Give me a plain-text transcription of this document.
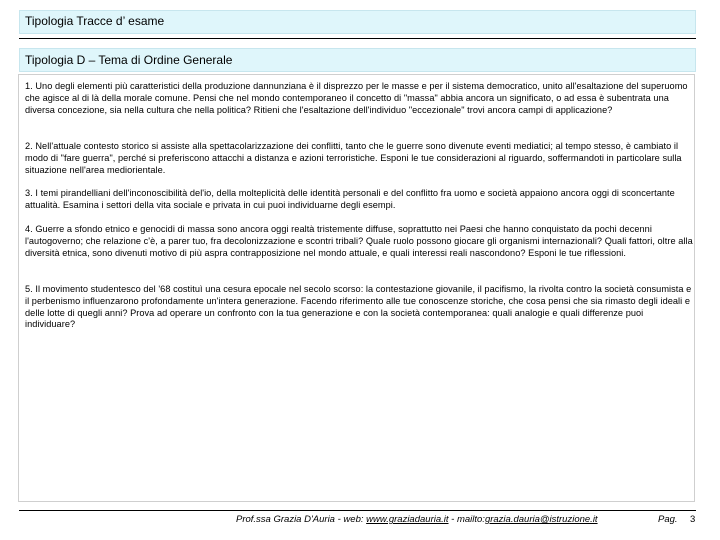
Tipologia Tracce d’ esame
Tipologia D – Tema di Ordine Generale
1. Uno degli elementi più caratteristici della produzione dannunziana è il disprezzo per le masse e per il sistema democratico, unito all'esaltazione del superuomo che agisce al di là della morale comune. Pensi che nel mondo contemporaneo il concetto di "massa" abbia ancora un significato, o ad essa è subentrata una diversa concezione, sia nella cultura che nella politica? Ritieni che l'esaltazione dell'individuo "eccezionale" trovi ancora campi di applicazione?
2. Nell'attuale contesto storico si assiste alla spettacolarizzazione dei conflitti, tanto che le guerre sono divenute eventi mediatici; al tempo stesso, è cambiato il modo di "fare guerra", perché si preferiscono attacchi a distanza e azioni terroristiche. Esponi le tue considerazioni al riguardo, soffermandoti in particolare sulla situazione nell'area mediorientale.
3. I temi pirandelliani dell'inconoscibilità del'io, della molteplicità delle identità personali e del conflitto fra uomo e società appaiono ancora oggi di sconcertante attualità. Esamina i settori della vita sociale e privata in cui puoi individuarne degli esempi.
4. Guerre a sfondo etnico e genocidi di massa sono ancora oggi realtà tristemente diffuse, soprattutto nei Paesi che hanno conquistato da pochi decenni l'autogoverno; che relazione c'è, a parer tuo, fra decolonizzazione e scontri tribali? Quale ruolo possono giocare gli organismi internazionali? Quali fattori, oltre alla diversità etnica, sono divenuti motivo di più aspra contrapposizione nel mondo attuale, e quali interessi reali nascondono? Esponi le tue riflessioni.
5. Il movimento studentesco del '68 costituì una cesura epocale nel secolo scorso: la contestazione giovanile, il pacifismo, la rivolta contro la società consumista e il perbenismo influenzarono profondamente un'intera generazione. Facendo riferimento alle tue conoscenze storiche, che cosa pensi che sia rimasto degli ideali e delle lotte di quegli anni? Prova ad operare un confronto con la tua generazione e con la società contemporanea: quali analogie e quali differenze puoi individuare?
Prof.ssa Grazia D'Auria - web: www.graziadauria.it - mailto:grazia.dauria@istruzione.it	Pag. 3
